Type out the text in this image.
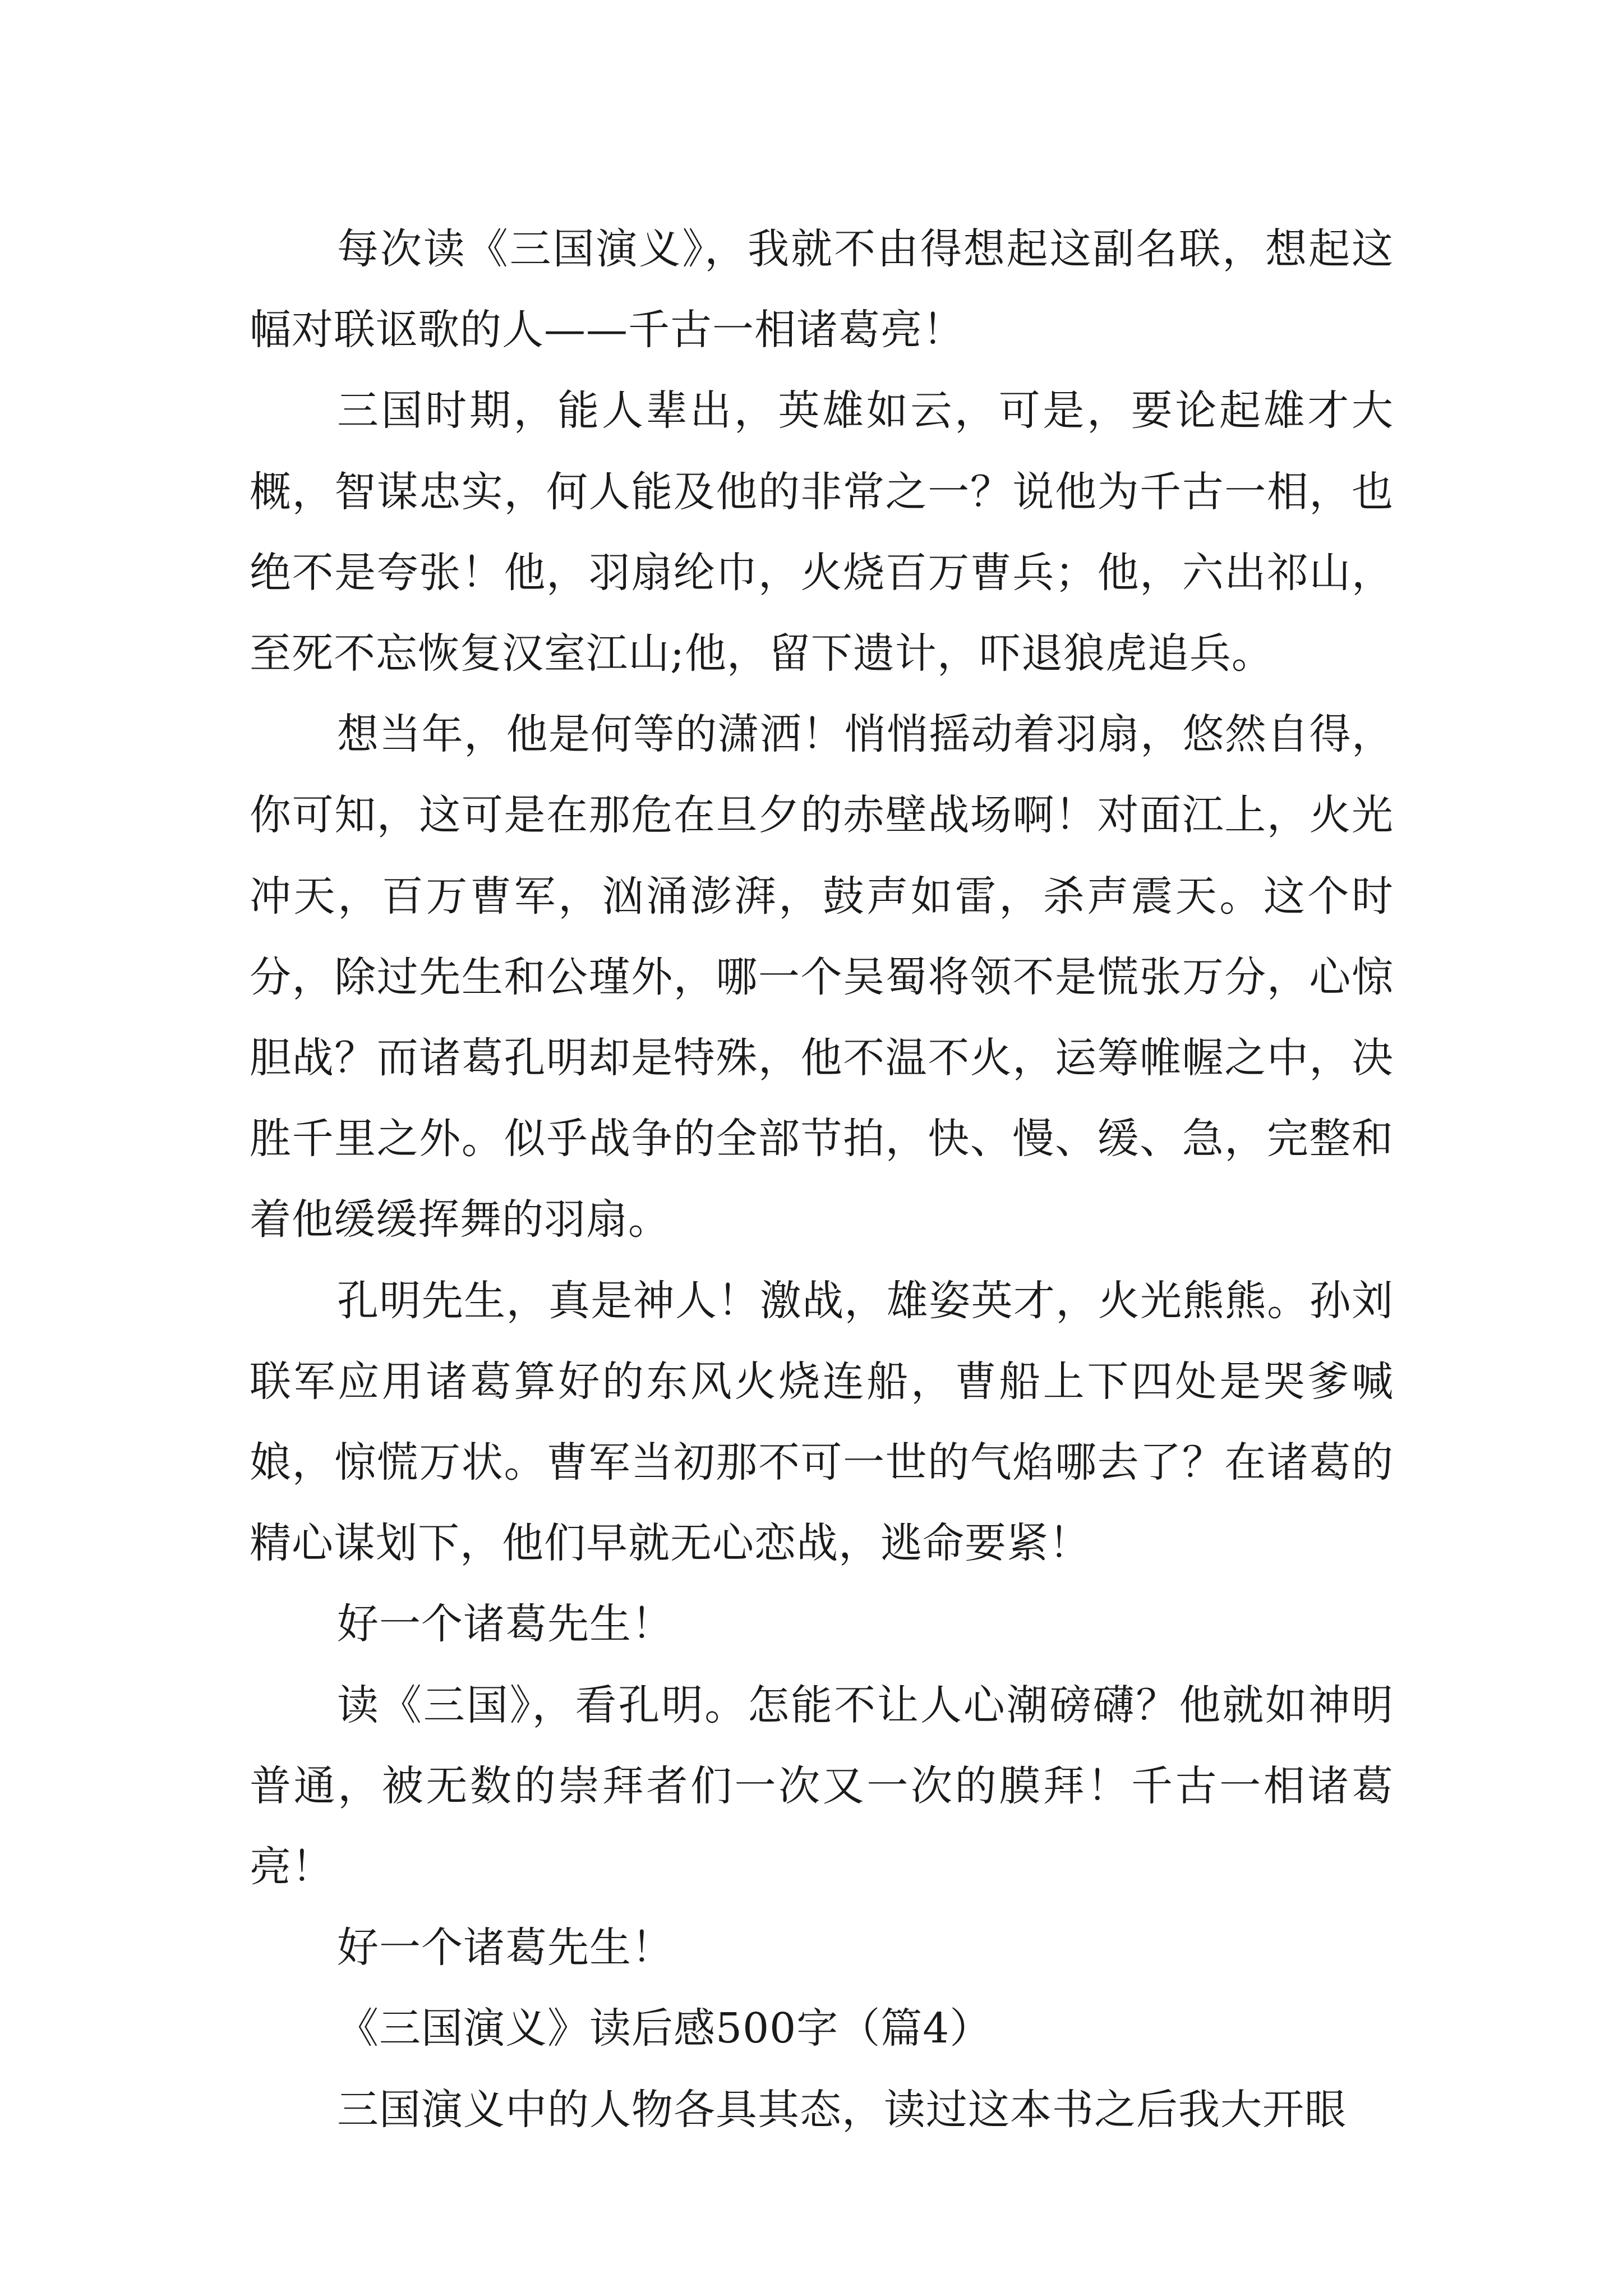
每次读《三国演义》，我就不由得想起这副名联，想起这幅对联讴歌的人——千古一相诸葛亮！

三国时期，能人辈出，英雄如云，可是，要论起雄才大概，智谋忠实，何人能及他的非常之一？说他为千古一相，也绝不是夸张！他，羽扇纶巾，火烧百万曹兵；他，六出祁山，至死不忘恢复汉室江山;他，留下遗计，吓退狼虎追兵。

想当年，他是何等的潇洒！悄悄摇动着羽扇，悠然自得，你可知，这可是在那危在旦夕的赤壁战场啊！对面江上，火光冲天，百万曹军，汹涌澎湃，鼓声如雷，杀声震天。这个时分，除过先生和公瑾外，哪一个吴蜀将领不是慌张万分，心惊胆战？而诸葛孔明却是特殊，他不温不火，运筹帷幄之中，决胜千里之外。似乎战争的全部节拍，快、慢、缓、急，完整和着他缓缓挥舞的羽扇。

孔明先生，真是神人！激战，雄姿英才，火光熊熊。孙刘联军应用诸葛算好的东风火烧连船，曹船上下四处是哭爹喊娘，惊慌万状。曹军当初那不可一世的气焰哪去了？在诸葛的精心谋划下，他们早就无心恋战，逃命要紧！

好一个诸葛先生！

读《三国》，看孔明。怎能不让人心潮磅礴？他就如神明普通，被无数的崇拜者们一次又一次的膜拜！千古一相诸葛亮！

好一个诸葛先生！

《三国演义》读后感500字（篇4）

三国演义中的人物各具其态，读过这本书之后我大开眼
